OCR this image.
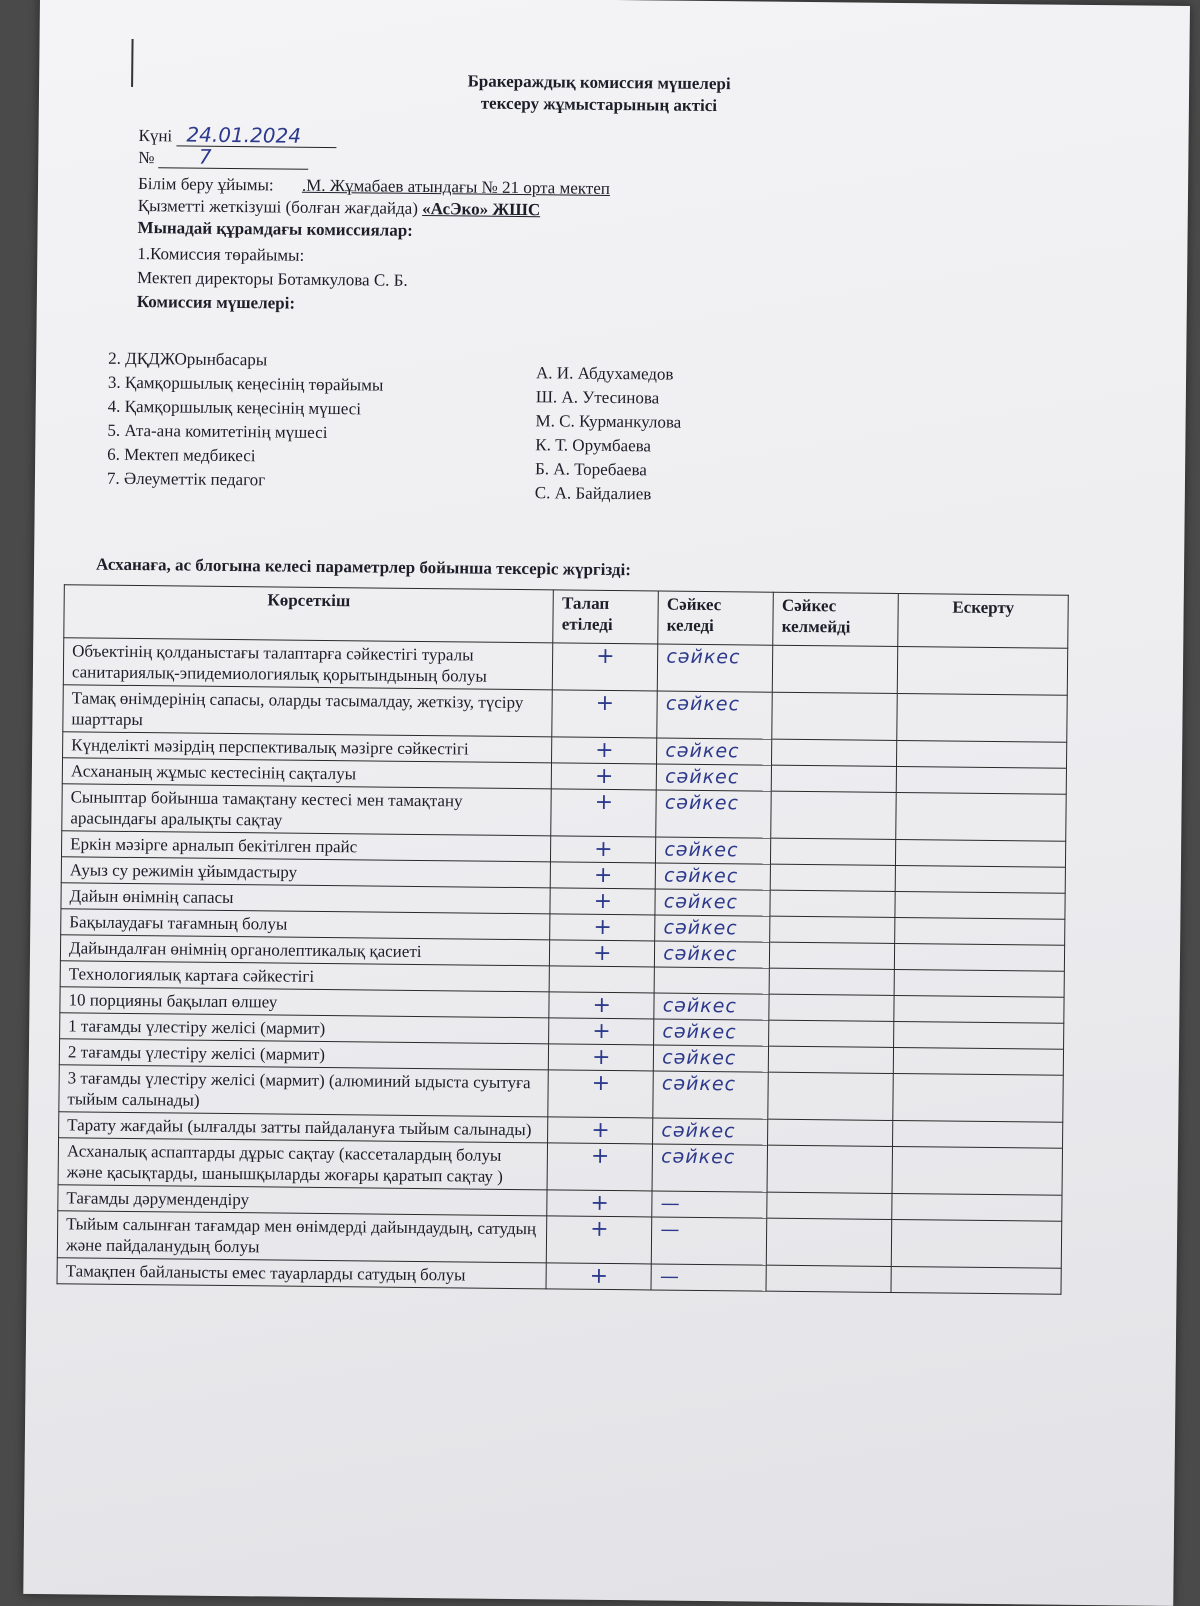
Бракераждық комиссия мүшелері
тексеру жұмыстарының актісі
Күні 24.01.2024
№ 7
Білім беру ұйымы: .М. Жұмабаев атындағы № 21 орта мектеп
Қызметті жеткізуші (болған жағдайда) «АсЭко» ЖШС
Мынадай құрамдағы комиссиялар:
1.Комиссия төрайымы:
Мектеп директоры Ботамкулова С. Б.
Комиссия мүшелері:
2. ДҚДЖОрынбасары
3. Қамқоршылық кеңесінің төрайымы
4. Қамқоршылық кеңесінің мүшесі
5. Ата-ана комитетінің мүшесі
6. Мектеп медбикесі
7. Әлеуметтік педагог
А. И. Абдухамедов
Ш. А. Утесинова
М. С. Курманкулова
К. Т. Орумбаева
Б. А. Торебаева
С. А. Байдалиев
Асханаға, ас блогына келесі параметрлер бойынша тексеріс жүргізді:
Көрсеткіш	Талап етіледі	Сәйкес келеді	Сәйкес келмейді	Ескерту
Объектінің қолданыстағы талаптарға сәйкестігі туралы санитариялық-эпидемиологиялық қорытындының болуы	+	сәйкес		
Тамақ өнімдерінің сапасы, оларды тасымалдау, жеткізу, түсіру шарттары	+	сәйкес		
Күнделікті мәзірдің перспективалық мәзірге сәйкестігі	+	сәйкес		
Асхананың жұмыс кестесінің сақталуы	+	сәйкес		
Сыныптар бойынша тамақтану кестесі мен тамақтану арасындағы аралықты сақтау	+	сәйкес		
Еркін мәзірге арналып бекітілген прайс	+	сәйкес		
Ауыз су режимін ұйымдастыру	+	сәйкес		
Дайын өнімнің сапасы	+	сәйкес		
Бақылаудағы тағамның болуы	+	сәйкес		
Дайындалған өнімнің органолептикалық қасиеті	+	сәйкес		
Технологиялық картаға сәйкестігі				
10 порцияны бақылап өлшеу	+	сәйкес		
1 тағамды үлестіру желісі (мармит)	+	сәйкес		
2 тағамды үлестіру желісі (мармит)	+	сәйкес		
3 тағамды үлестіру желісі (мармит) (алюминий ыдыста суытуға тыйым салынады)	+	сәйкес		
Тарату жағдайы (ылғалды затты пайдалануға тыйым салынады)	+	сәйкес		
Асханалық аспаптарды дұрыс сақтау (кассеталардың болуы және қасықтарды, шанышқыларды жоғары қаратып сақтау )	+	сәйкес		
Тағамды дәрумендендіру	+	—		
Тыйым салынған тағамдар мен өнімдерді дайындаудың, сатудың және пайдаланудың болуы	+	—		
Тамақпен байланысты емес тауарларды сатудың болуы	+	—		
